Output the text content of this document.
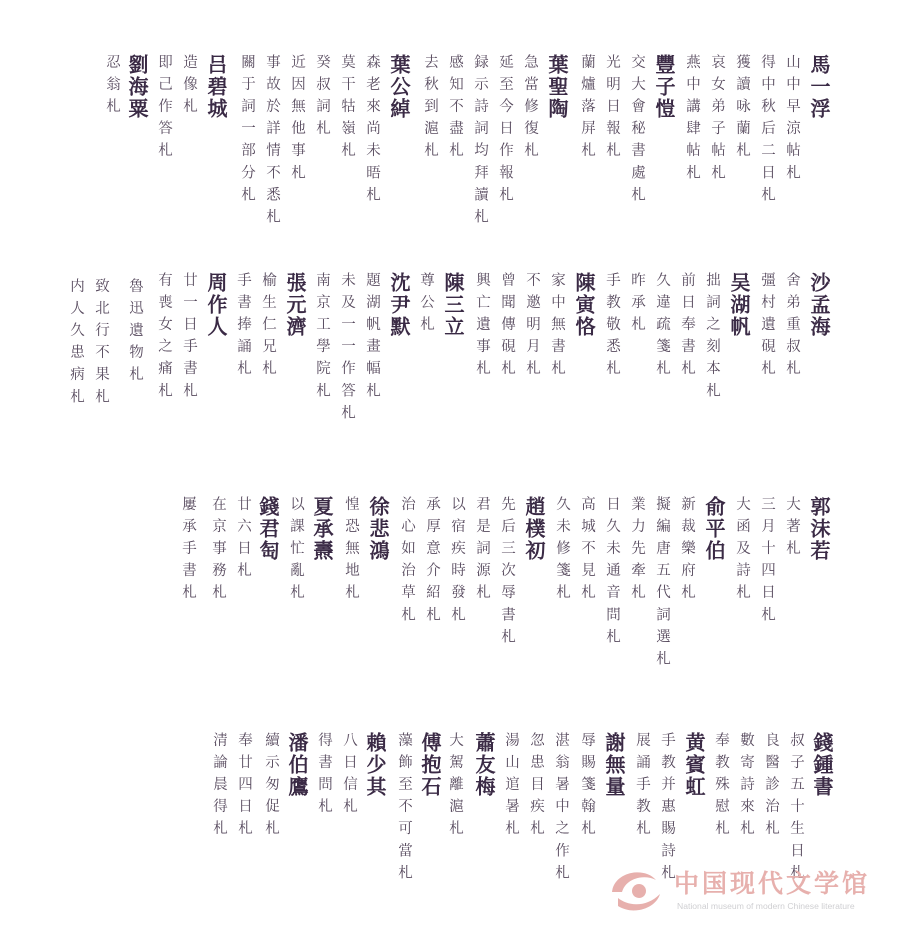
馬一浮
山中早涼帖札
得中秋后二日札
獲讀咏蘭札
哀女弟子帖札
燕中講肆帖札
豐子愷
交大會秘書處札
光明日報札
蘭爐落屏札
葉聖陶
急當修復札
延至今日作報札
録示詩詞均拜讀札
感知不盡札
去秋到滬札
葉公綽
森老來尚未晤札
莫干牯嶺札
癸叔詞札
近因無他事札
事故於詳情不悉札
關于詞一部分札
吕碧城
造像札
即己作答札
劉海粟
忍翁札
沙孟海
舍弟重叔札
彊村遺硯札
吴湖帆
拙詞之刻本札
前日奉書札
久違疏箋札
陳寅恪 昨承札
手教敬悉札
家中無書札
不邀明月札
陳三立 曾聞傳硯札
興亡遺事札
尊公札
沈尹默
題湖帆畫幅札
未及一一作答札
南京工學院札
張元濟
榆生仁兄札
手書捧誦札
周作人
廿一日手書札
有喪女之痛札
魯迅遺物札
致北行不果札
内人久患病札
郭沫若
大著札
三月十四日札
大函及詩札
俞平伯
新裁樂府札
擬編唐五代詞選札
業力先牽札
日久未通音問札
高城不見札
久未修箋札
趙樸初
先后三次辱書札
君是詞源札
以宿疾時發札
承厚意介紹札
治心如治草札
徐悲鴻
惶恐無地札
夏承燾
以課忙亂札
廿六日札 錢君匋
在京事務札
屢承手書札
錢鍾書
叔子五十生日札
良醫診治札
數寄詩來札
奉教殊慰札
黄賓虹
手教并惠賜詩札
展誦手教札
辱賜箋翰札 謝無量
湛翁暑中之作札
忽患目疾札
湯山逭暑札
大駕離滬札 蕭友梅
藻飾至不可當札 傅抱石
八日信札
得書問札 賴少其
續示匆促札
奉廿四日札
清論晨得札	潘伯鷹
中国现代文学馆
National museum of modern Chinese literature
